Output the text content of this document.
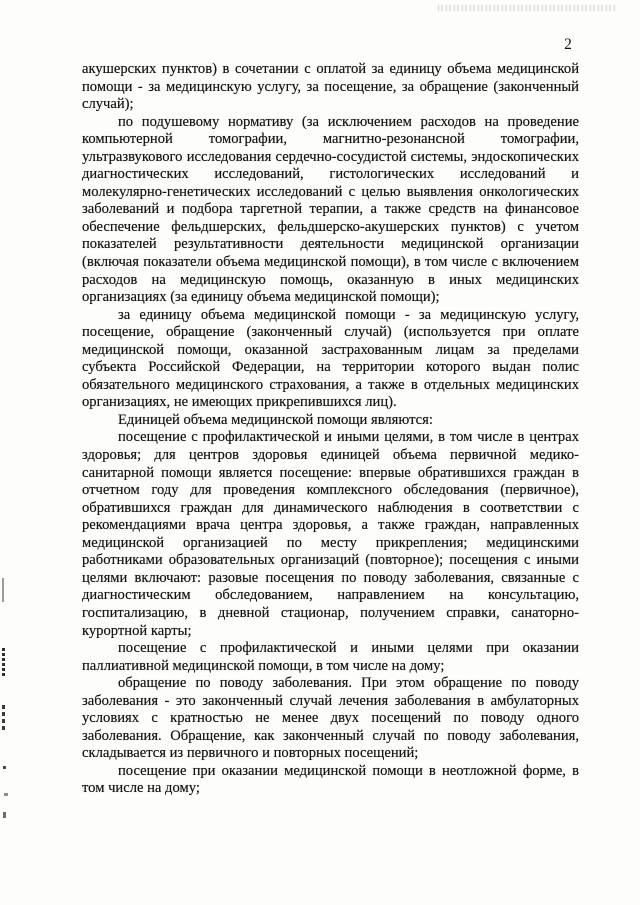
2

акушерских пунктов) в сочетании с оплатой за единицу объема медицинской помощи - за медицинскую услугу, за посещение, за обращение (законченный случай);

по подушевому нормативу (за исключением расходов на проведение компьютерной томографии, магнитно-резонансной томографии, ультразвукового исследования сердечно-сосудистой системы, эндоскопических диагностических исследований, гистологических исследований и молекулярно-генетических исследований с целью выявления онкологических заболеваний и подбора таргетной терапии, а также средств на финансовое обеспечение фельдшерских, фельдшерско-акушерских пунктов) с учетом показателей результативности деятельности медицинской организации (включая показатели объема медицинской помощи), в том числе с включением расходов на медицинскую помощь, оказанную в иных медицинских организациях (за единицу объема медицинской помощи);

за единицу объема медицинской помощи - за медицинскую услугу, посещение, обращение (законченный случай) (используется при оплате медицинской помощи, оказанной застрахованным лицам за пределами субъекта Российской Федерации, на территории которого выдан полис обязательного медицинского страхования, а также в отдельных медицинских организациях, не имеющих прикрепившихся лиц).

Единицей объема медицинской помощи являются:

посещение с профилактической и иными целями, в том числе в центрах здоровья; для центров здоровья единицей объема первичной медико-санитарной помощи является посещение: впервые обратившихся граждан в отчетном году для проведения комплексного обследования (первичное), обратившихся граждан для динамического наблюдения в соответствии с рекомендациями врача центра здоровья, а также граждан, направленных медицинской организацией по месту прикрепления; медицинскими работниками образовательных организаций (повторное); посещения с иными целями включают: разовые посещения по поводу заболевания, связанные с диагностическим обследованием, направлением на консультацию, госпитализацию, в дневной стационар, получением справки, санаторно-курортной карты;

посещение с профилактической и иными целями при оказании паллиативной медицинской помощи, в том числе на дому;

обращение по поводу заболевания. При этом обращение по поводу заболевания - это законченный случай лечения заболевания в амбулаторных условиях с кратностью не менее двух посещений по поводу одного заболевания. Обращение, как законченный случай по поводу заболевания, складывается из первичного и повторных посещений;

посещение при оказании медицинской помощи в неотложной форме, в том числе на дому;
